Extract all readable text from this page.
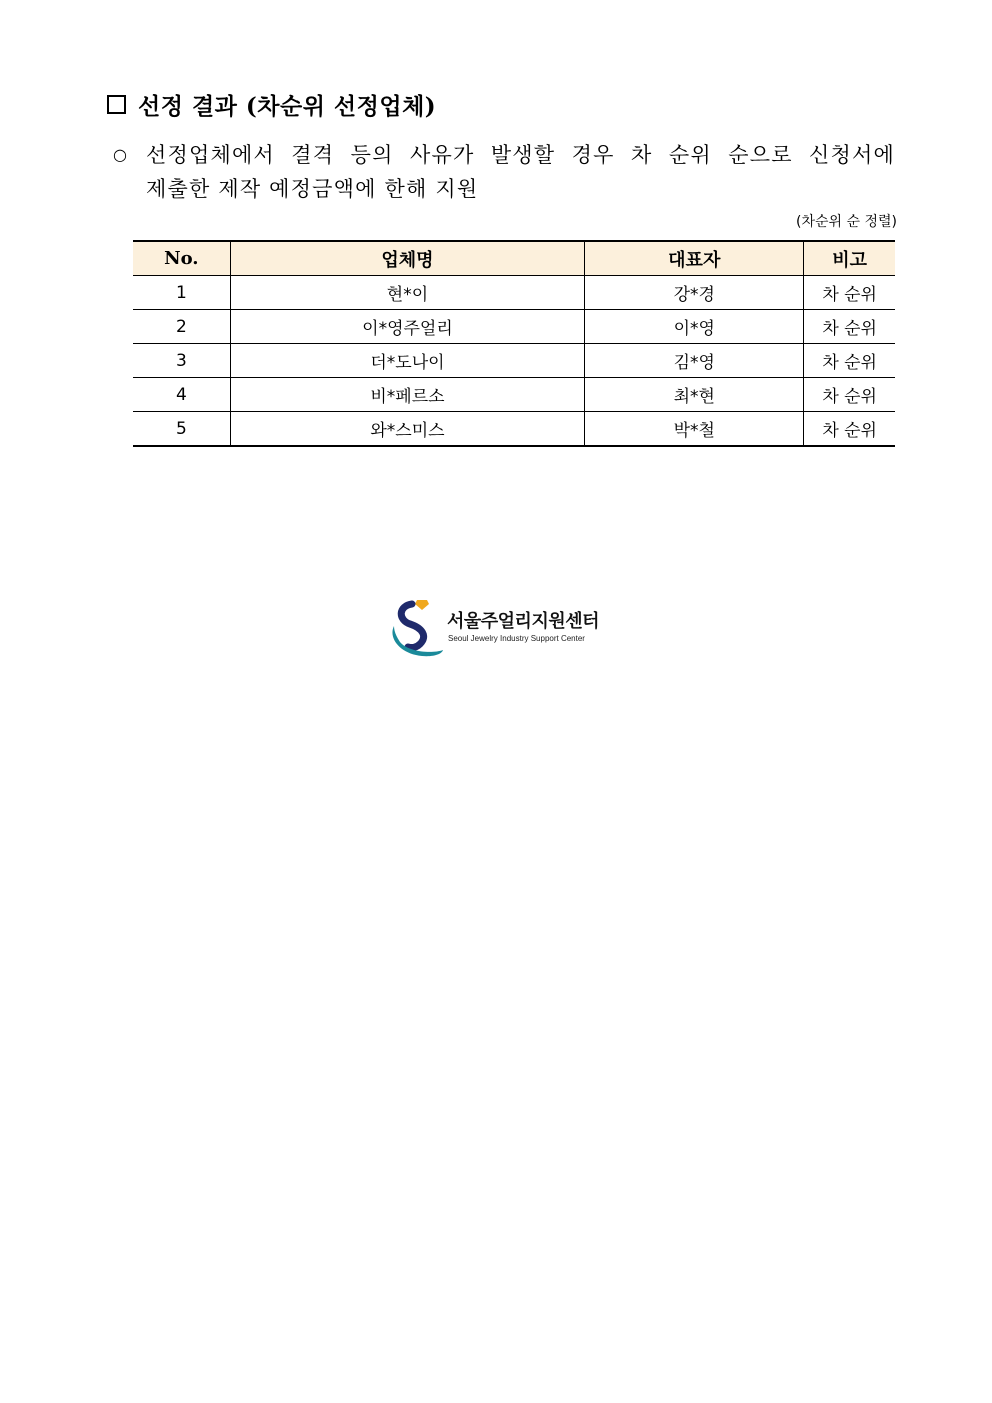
선정 결과 (차순위 선정업체)
○ 선정업체에서 결격 등의 사유가 발생할 경우 차 순위 순으로 신청서에
제출한 제작 예정금액에 한해 지원
(차순위 순 정렬)
No.	업체명	대표자	비고
1	현*이	강*경	차 순위
2	이*영주얼리	이*영	차 순위
3	더*도나이	김*영	차 순위
4	비*페르소	최*현	차 순위
5	와*스미스	박*철	차 순위
서울주얼리지원센터
Seoul Jewelry Industry Support Center
